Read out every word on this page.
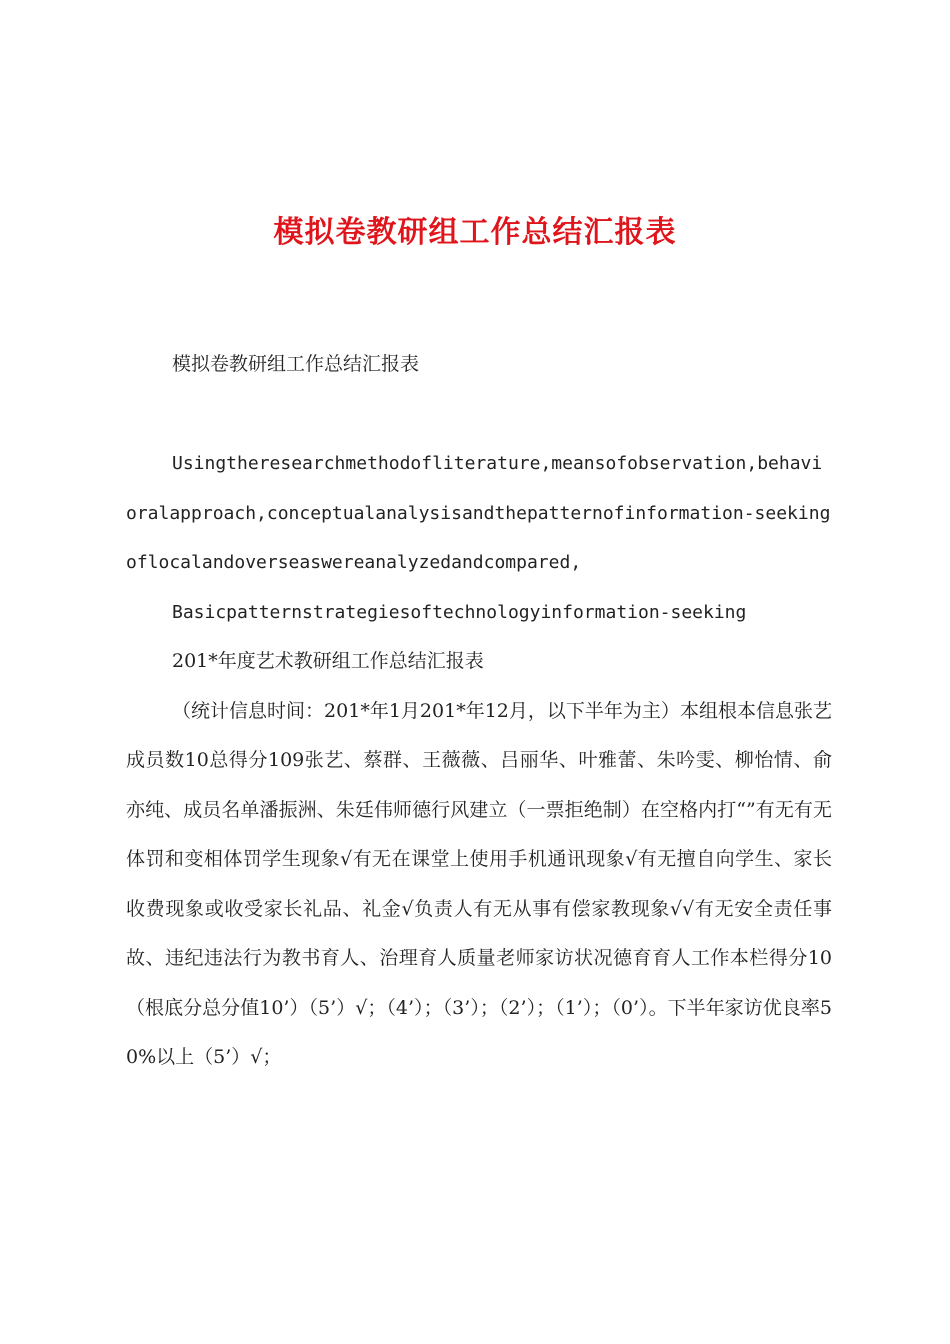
模拟卷教研组工作总结汇报表

模拟卷教研组工作总结汇报表

Usingtheresearchmethodofliterature,meansofobservation,behavioralapproach,conceptualanalysisandthepatternofinformation-seekingoflocalandoverseaswereanalyzedandcompared,

Basicpatternstrategiesoftechnologyinformation-seeking

201*年度艺术教研组工作总结汇报表

（统计信息时间：201*年1月201*年12月，以下半年为主）本组根本信息张艺成员数10总得分109张艺、蔡群、王薇薇、吕丽华、叶雅蕾、朱吟雯、柳怡情、俞亦纯、成员名单潘振洲、朱廷伟师德行风建立（一票拒绝制）在空格内打“”有无有无体罚和变相体罚学生现象√有无在课堂上使用手机通讯现象√有无擅自向学生、家长收费现象或收受家长礼品、礼金√负责人有无从事有偿家教现象√√有无安全责任事故、违纪违法行为教书育人、治理育人质量老师家访状况德育育人工作本栏得分10（根底分总分值10’）（5’）√；（4’）；（3’）；（2’）；（1’）；（0’）。下半年家访优良率50%以上（5’）√；
